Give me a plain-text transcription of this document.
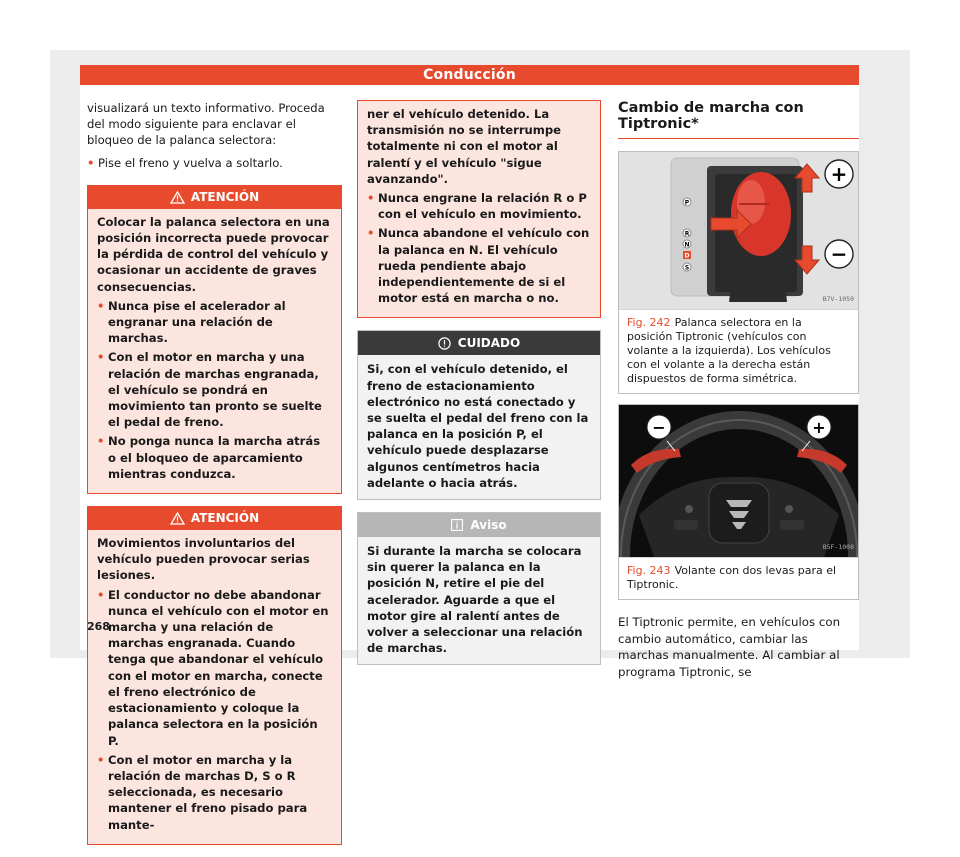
Conducción

visualizará un texto informativo. Proceda del modo siguiente para enclavar el bloqueo de la palanca selectora:

• Pise el freno y vuelva a soltarlo.

ATENCIÓN

Colocar la palanca selectora en una posición incorrecta puede provocar la pérdida de control del vehículo y ocasionar un accidente de graves consecuencias.

• Nunca pise el acelerador al engranar una relación de marchas.

• Con el motor en marcha y una relación de marchas engranada, el vehículo se pondrá en movimiento tan pronto se suelte el pedal de freno.

• No ponga nunca la marcha atrás o el bloqueo de aparcamiento mientras conduzca.

ATENCIÓN

Movimientos involuntarios del vehículo pueden provocar serias lesiones.

• El conductor no debe abandonar nunca el vehículo con el motor en marcha y una relación de marchas engranada. Cuando tenga que abandonar el vehículo con el motor en marcha, conecte el freno electrónico de estacionamiento y coloque la palanca selectora en la posición P.

• Con el motor en marcha y la relación de marchas D, S o R seleccionada, es necesario mantener el freno pisado para mante-

ner el vehículo detenido. La transmisión no se interrumpe totalmente ni con el motor al ralentí y el vehículo "sigue avanzando".

• Nunca engrane la relación R o P con el vehículo en movimiento.

• Nunca abandone el vehículo con la palanca en N. El vehículo rueda pendiente abajo independientemente de si el motor está en marcha o no.

CUIDADO
Si, con el vehículo detenido, el freno de estacionamiento electrónico no está conectado y se suelta el pedal del freno con la palanca en la posición P, el vehículo puede desplazarse algunos centímetros hacia adelante o hacia atrás.
Aviso
Si durante la marcha se colocara sin querer la palanca en la posición N, retire el pie del acelerador. Aguarde a que el motor gire al ralentí antes de volver a seleccionar una relación de marchas.
Cambio de marcha con Tiptronic*
P
R
N
D
S
+
−
B7V-1050
Fig. 242 Palanca selectora en la posición Tiptronic (vehículos con volante a la izquierda). Los vehículos con el volante a la derecha están dispuestos de forma simétrica.
−	+
B5F-1008
Fig. 243 Volante con dos levas para el Tiptronic.

El Tiptronic permite, en vehículos con cambio automático, cambiar las marchas manualmente. Al cambiar al programa Tiptronic, se

268
